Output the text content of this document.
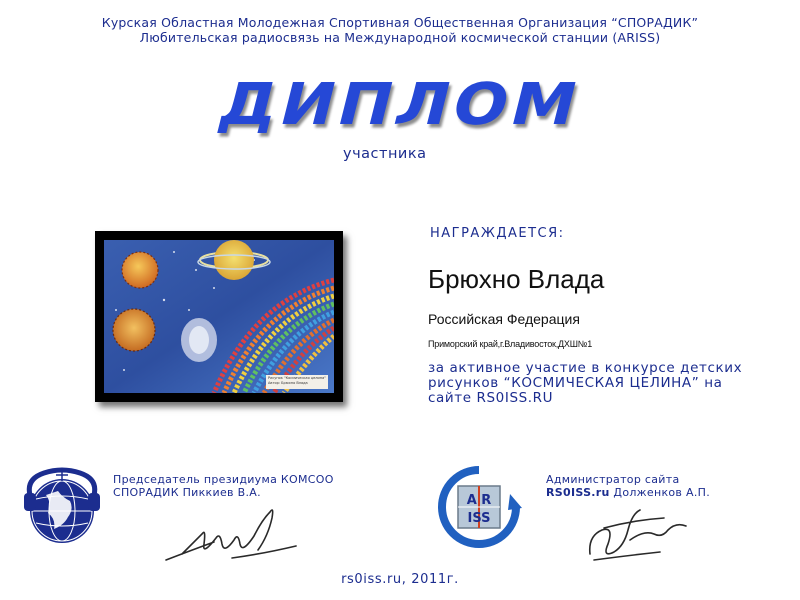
Курская Областная Молодежная Спортивная Общественная Организация “СПОРАДИК”
Любительская радиосвязь на Международной космической станции (ARISS)
ДИПЛОМ
участника
Рисунок "Космическая целина" Автор: Брюхно Влада
НАГРАЖДАЕТСЯ:
Брюхно Влада
Российская Федерация
Приморский край,г.Владивосток,ДХШ№1
за активное участие в конкурсе детских рисунков “КОСМИЧЕСКАЯ ЦЕЛИНА” на сайте RS0ISS.RU
Председатель президиума КОМСОО
СПОРАДИК Пиккиев В.А.
A R
ISS
Администратор сайта
RS0ISS.ru Долженков А.П.
rs0iss.ru, 2011г.
